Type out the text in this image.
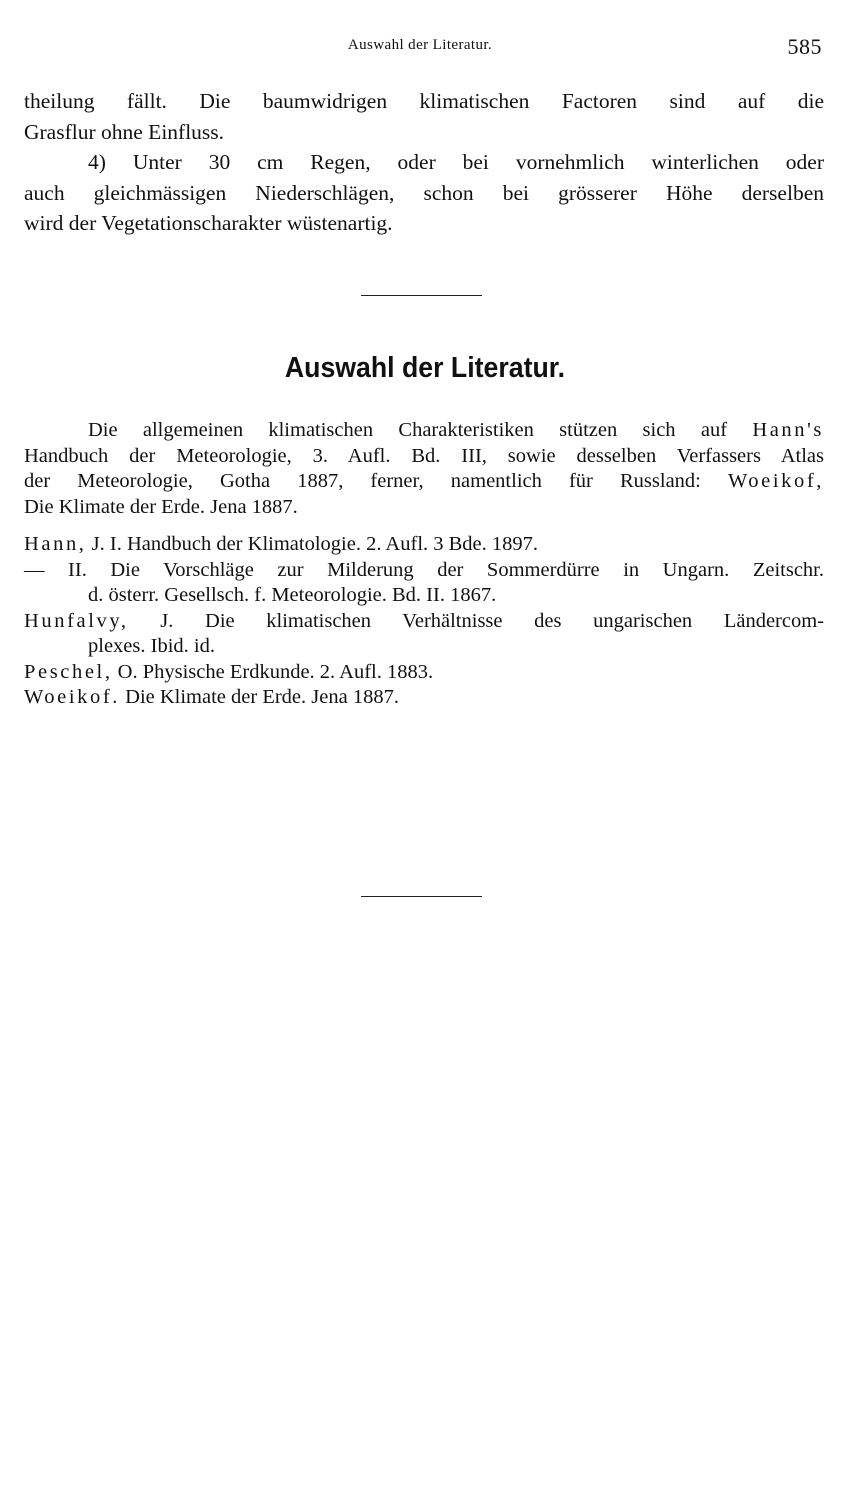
Auswahl der Literatur.	585
theilung fällt. Die baumwidrigen klimatischen Factoren sind auf die
Grasflur ohne Einfluss.
4) Unter 30 cm Regen, oder bei vornehmlich winterlichen oder
auch gleichmässigen Niederschlägen, schon bei grösserer Höhe derselben
wird der Vegetationscharakter wüstenartig.
Auswahl der Literatur.
Die allgemeinen klimatischen Charakteristiken stützen sich auf Hann's
Handbuch der Meteorologie, 3. Aufl. Bd. III, sowie desselben Verfassers Atlas
der Meteorologie, Gotha 1887, ferner, namentlich für Russland: Woeikof,
Die Klimate der Erde. Jena 1887.
Hann, J. I. Handbuch der Klimatologie. 2. Aufl. 3 Bde. 1897.
— II. Die Vorschläge zur Milderung der Sommerdürre in Ungarn. Zeitschr.
d. österr. Gesellsch. f. Meteorologie. Bd. II. 1867.
Hunfalvy, J. Die klimatischen Verhältnisse des ungarischen Ländercom-
plexes. Ibid. id.
Peschel, O. Physische Erdkunde. 2. Aufl. 1883.
Woeikof. Die Klimate der Erde. Jena 1887.
